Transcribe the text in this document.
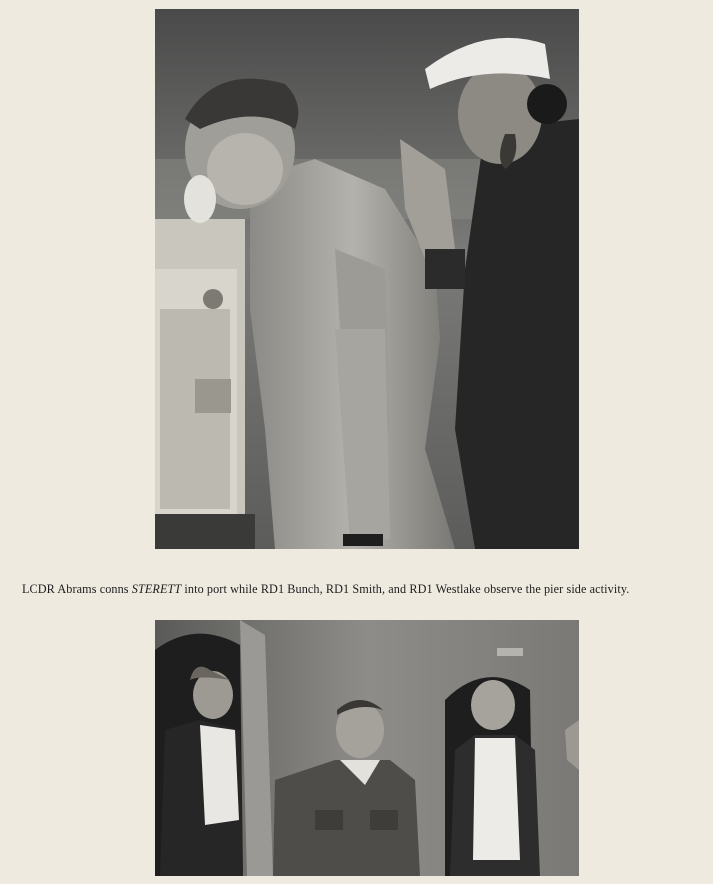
LCDR Abrams conns STERETT into port while RD1 Bunch, RD1 Smith, and RD1 Westlake observe the pier side activity.
